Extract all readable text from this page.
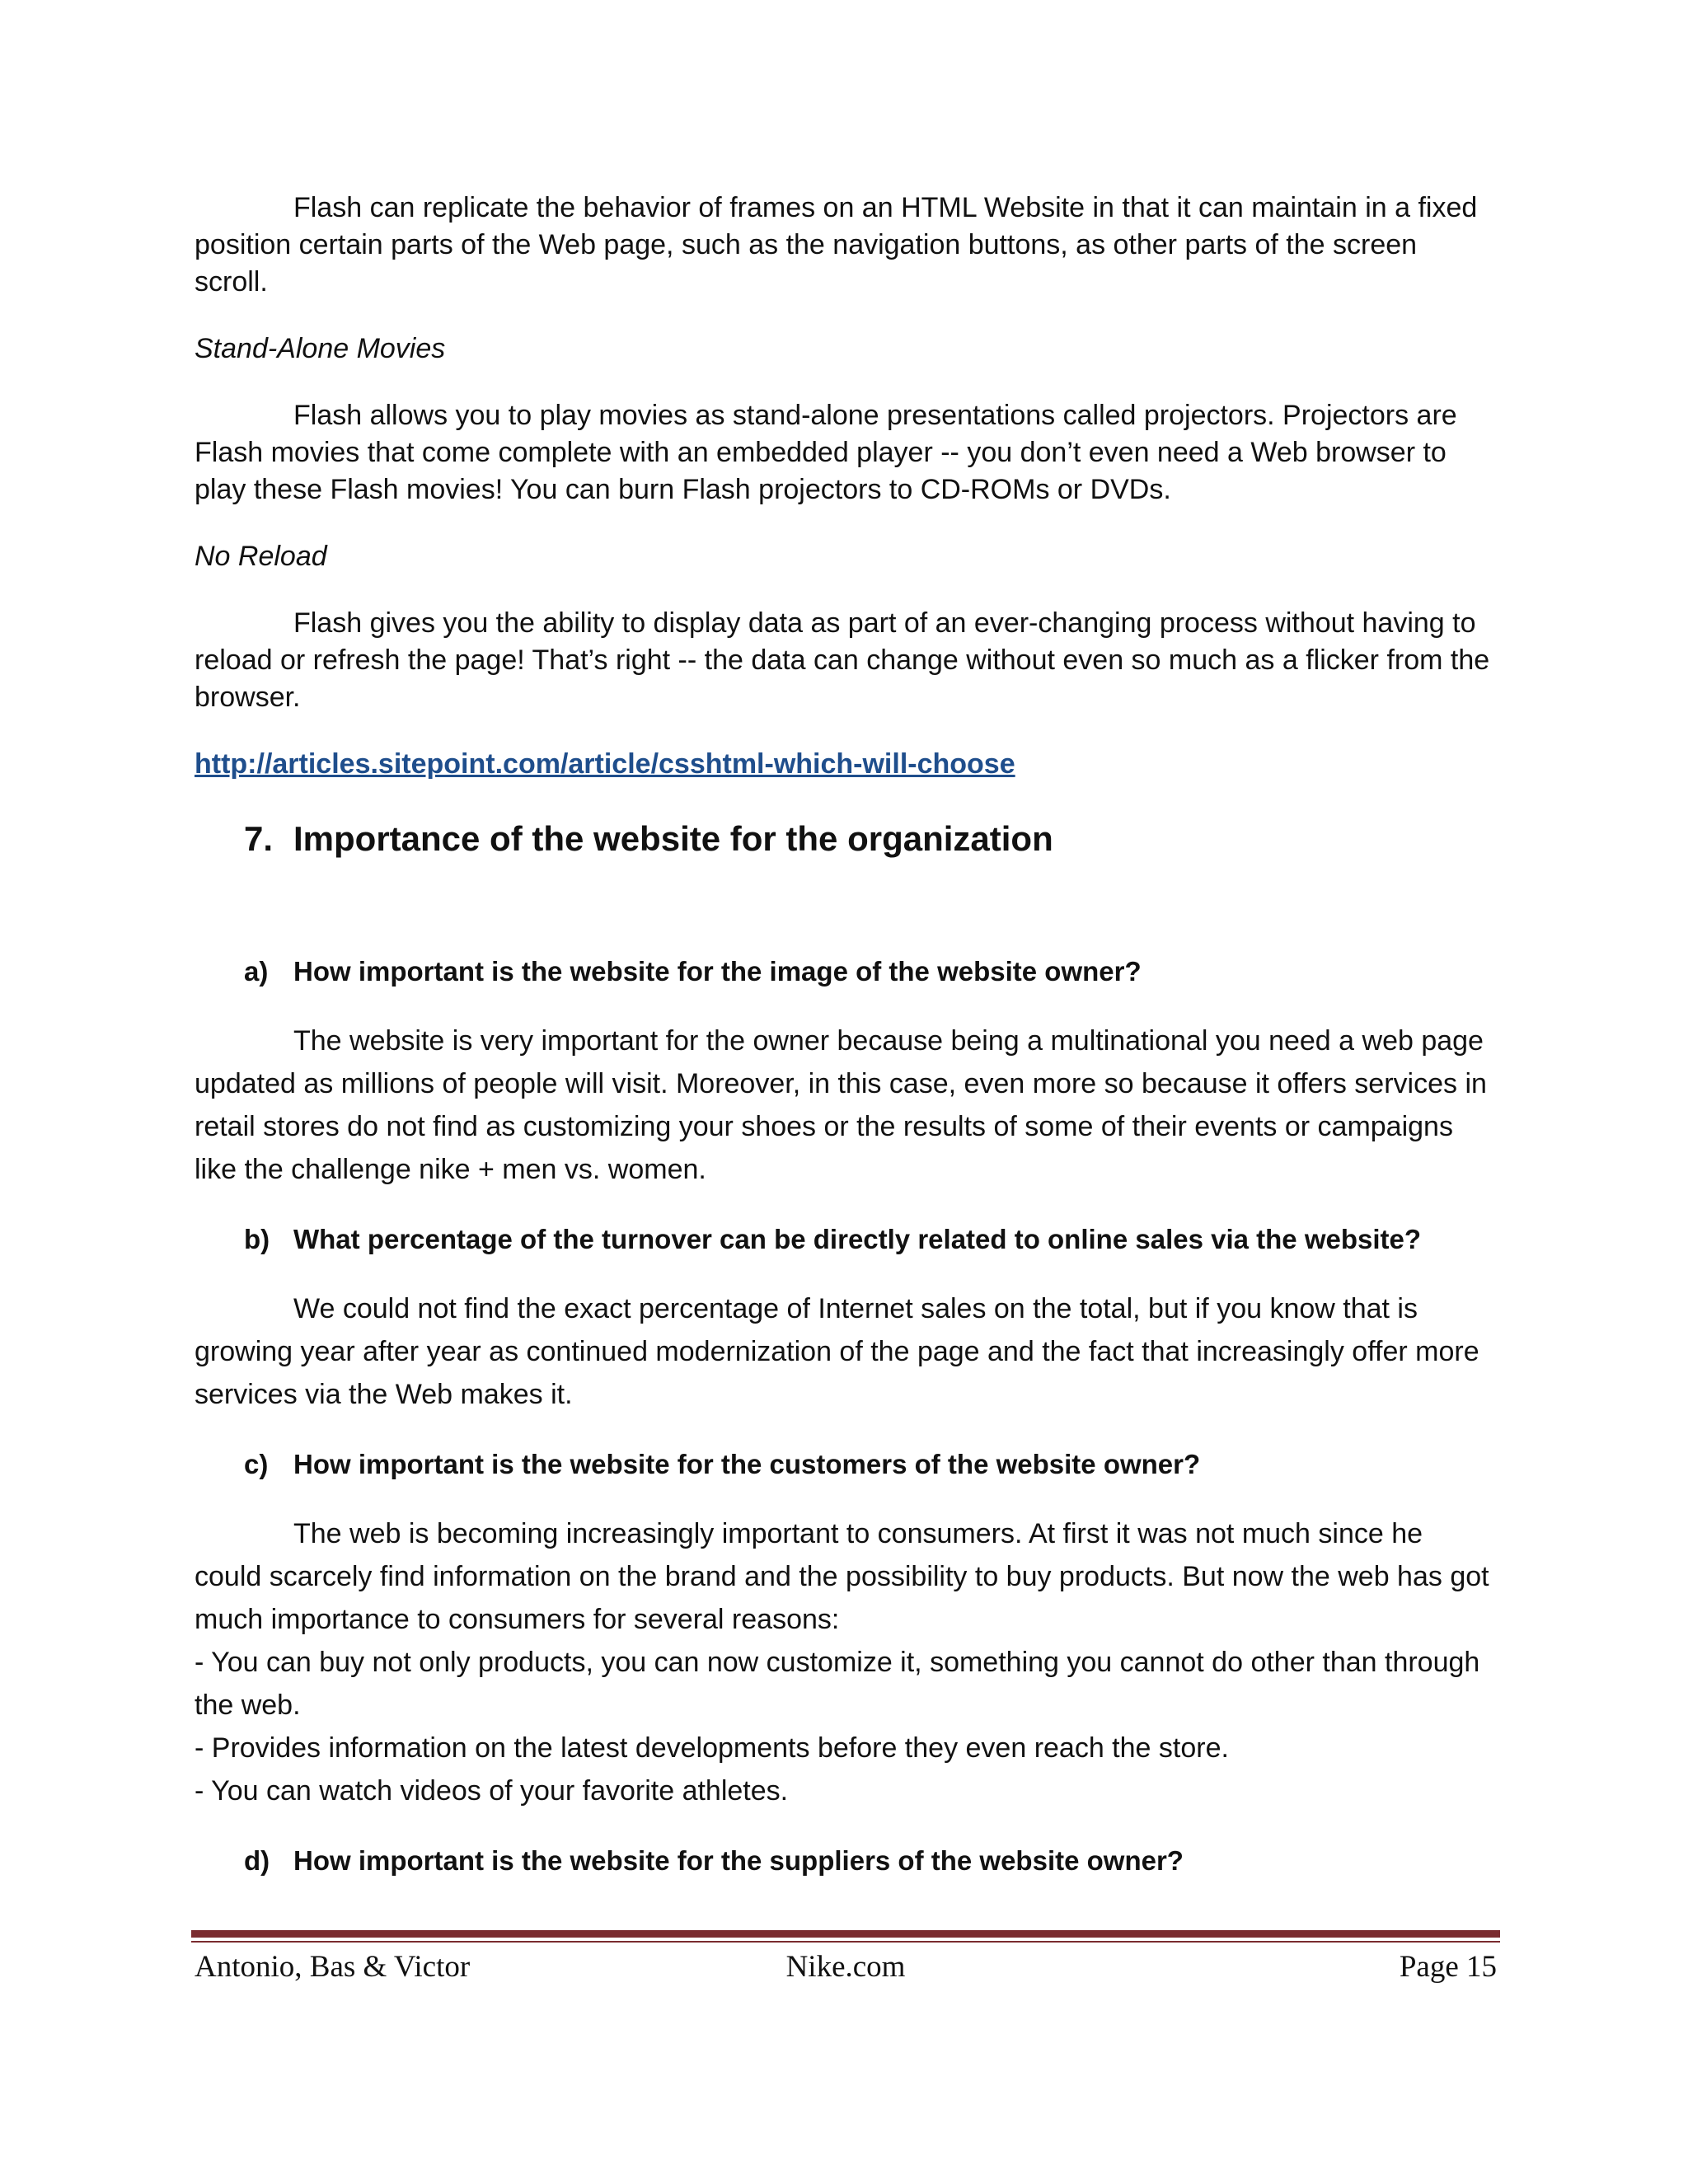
Flash can replicate the behavior of frames on an HTML Website in that it can maintain in a fixed position certain parts of the Web page, such as the navigation buttons, as other parts of the screen scroll.

Stand-Alone Movies

Flash allows you to play movies as stand-alone presentations called projectors. Projectors are Flash movies that come complete with an embedded player -- you don’t even need a Web browser to play these Flash movies! You can burn Flash projectors to CD-ROMs or DVDs.

No Reload

Flash gives you the ability to display data as part of an ever-changing process without having to reload or refresh the page! That’s right -- the data can change without even so much as a flicker from the browser.

http://articles.sitepoint.com/article/csshtml-which-will-choose
7. Importance of the website for the organization
a) How important is the website for the image of the website owner?

The website is very important for the owner because being a multinational you need a web page updated as millions of people will visit. Moreover, in this case, even more so because it offers services in retail stores do not find as customizing your shoes or the results of some of their events or campaigns like the challenge nike + men vs. women.

b) What percentage of the turnover can be directly related to online sales via the website?

We could not find the exact percentage of Internet sales on the total, but if you know that is growing year after year as continued modernization of the page and the fact that increasingly offer more services via the Web makes it.

c) How important is the website for the customers of the website owner?
The web is becoming increasingly important to consumers. At first it was not much since he could scarcely find information on the brand and the possibility to buy products. But now the web has got much importance to consumers for several reasons:
- You can buy not only products, you can now customize it, something you cannot do other than through the web.
- Provides information on the latest developments before they even reach the store.
- You can watch videos of your favorite athletes.
d) How important is the website for the suppliers of the website owner?
Antonio, Bas & Victor	Nike.com	Page 15
